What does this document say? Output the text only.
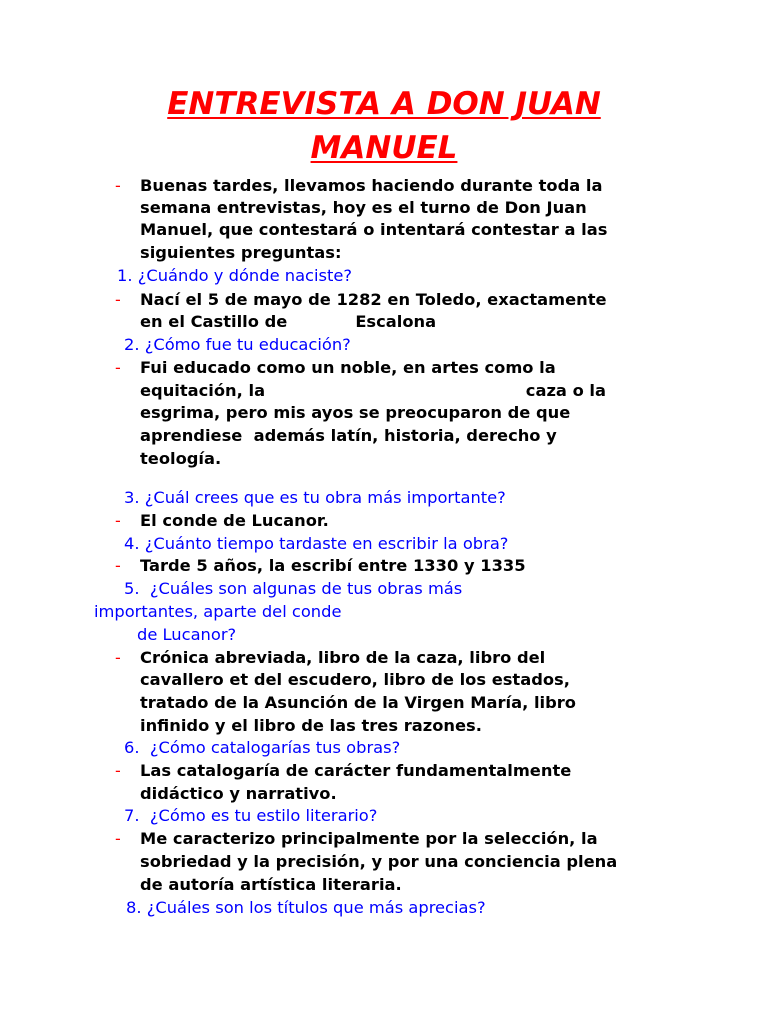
ENTREVISTA A DON JUAN
MANUEL
- Buenas tardes, llevamos haciendo durante toda la

semana entrevistas, hoy es el turno de Don Juan

Manuel, que contestará o intentará contestar a las

siguientes preguntas:

1. ¿Cuándo y dónde naciste?

- Nací el 5 de mayo de 1282 en Toledo, exactamente

en el Castillo de            Escalona

2. ¿Cómo fue tu educación?

- Fui educado como un noble, en artes como la

equitación, la                                              caza o la

esgrima, pero mis ayos se preocuparon de que

aprendiese  además latín, historia, derecho y

teología.

3. ¿Cuál crees que es tu obra más importante?

- El conde de Lucanor.

4. ¿Cuánto tiempo tardaste en escribir la obra?

- Tarde 5 años, la escribí entre 1330 y 1335

5.  ¿Cuáles son algunas de tus obras más

importantes, aparte del conde

de Lucanor?

- Crónica abreviada, libro de la caza, libro del

cavallero et del escudero, libro de los estados,

tratado de la Asunción de la Virgen María, libro

infinido y el libro de las tres razones.

6.  ¿Cómo catalogarías tus obras?

- Las catalogaría de carácter fundamentalmente

didáctico y narrativo.

7.  ¿Cómo es tu estilo literario?

- Me caracterizo principalmente por la selección, la

sobriedad y la precisión, y por una conciencia plena

de autoría artística literaria.

8. ¿Cuáles son los títulos que más aprecias?
